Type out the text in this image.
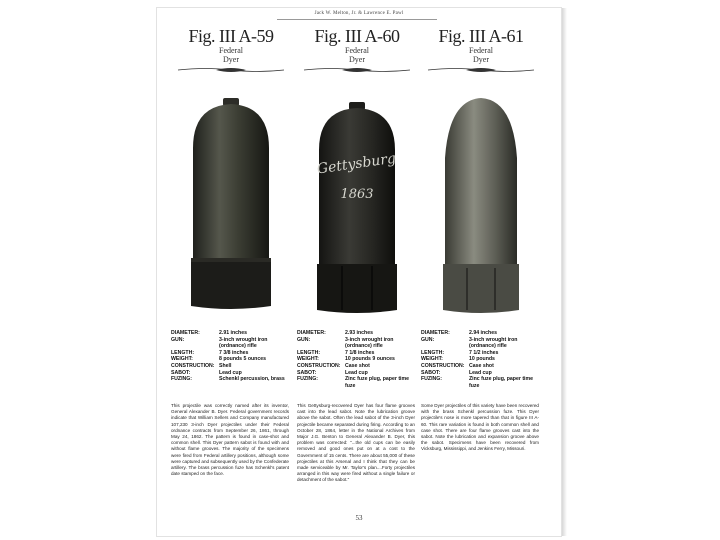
Jack W. Melton, Jr. & Lawrence E. Pawl
Fig. III A-59
Federal
Dyer
Fig. III A-60
Federal
Dyer
Fig. III A-61
Federal
Dyer
Gettysburg
1863
DIAMETER:	2.91 inches
GUN:	3-inch wrought iron (ordnance) rifle
LENGTH:	7 3/8 inches
WEIGHT:	8 pounds 5 ounces
CONSTRUCTION: Shell
SABOT:	Lead cup
FUZING:	Schenkl percussion, brass
DIAMETER:	2.93 inches
GUN:	3-inch wrought iron (ordnance) rifle
LENGTH:	7 1/8 inches
WEIGHT:	10 pounds 9 ounces
CONSTRUCTION: Case shot
SABOT:	Lead cup
FUZING:	Zinc fuze plug, paper time fuze
DIAMETER:	2.94 inches
GUN:	3-inch wrought iron (ordnance) rifle
LENGTH:	7 1/2 inches
WEIGHT:	10 pounds
CONSTRUCTION: Case shot
SABOT:	Lead cup
FUZING:	Zinc fuze plug, paper time fuze
This projectile was correctly named after its inventor, General Alexander B. Dyer. Federal government records indicate that William Sellers and Company manufactured 107,230 3-inch Dyer projectiles under their Federal ordnance contracts from September 26, 1861, through May 24, 1862. The pattern is found in case-shot and common shell. This Dyer pattern sabot is found with and without flame grooves. The majority of the specimens were fired from Federal artillery positions, although some were captured and subsequently used by the Confederate artillery. The brass percussion fuze has Schenkl's patent date stamped on the face.
This Gettysburg-recovered Dyer has four flame grooves cast into the lead sabot. Note the lubrication groove above the sabot. Often the lead sabot of the 3-inch Dyer projectile became separated during firing. According to an October 28, 1864, letter in the National Archives from Major J.G. Benton to General Alexander B. Dyer, this problem was corrected: "...the old cups can be easily removed and good ones put on at a cost to the Government of 15 cents. There are about 55,000 of these projectiles at this Arsenal and I think that they can be made serviceable by Mr. Taylor's plan....Forty projectiles arranged in this way were fired without a single failure or detachment of the sabot."
Some Dyer projectiles of this variety have been recovered with the brass Schenkl percussion fuze. This Dyer projectile's nose is more tapered than that in figure III A-60. This rare variation is found in both common shell and case shot. There are four flame grooves cast into the sabot. Note the lubrication and expansion groove above the sabot. Specimens have been recovered from Vicksburg, Mississippi, and Jenkins Ferry, Missouri.
53
